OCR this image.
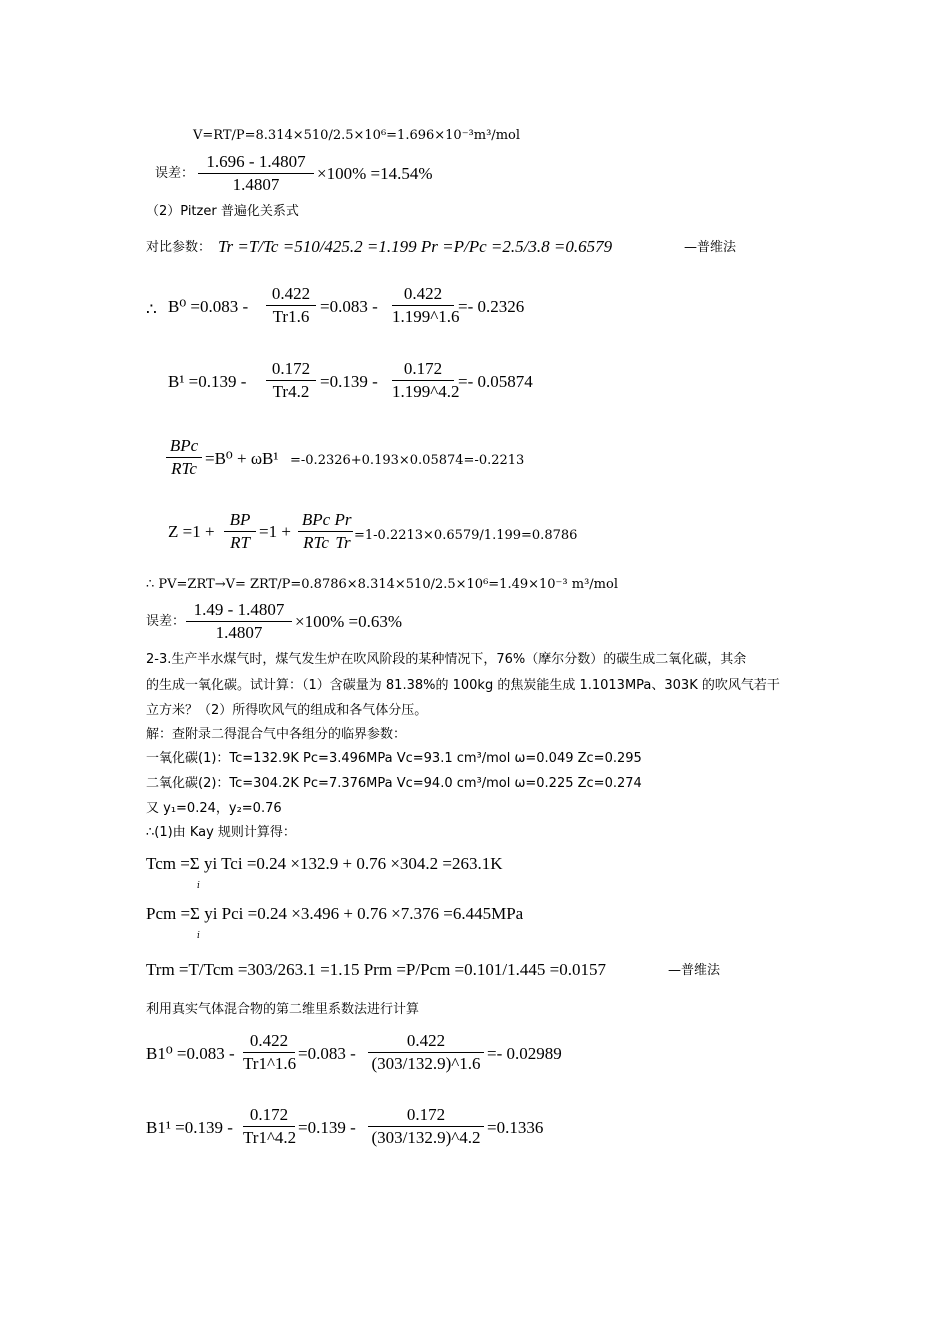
V=RT/P=8.314×510/2.5×10⁶=1.696×10⁻³m³/mol
误差：
1.696 - 1.4807
1.4807
×100% =14.54%
（2）Pitzer 普遍化关系式
对比参数： Tr =T/Tc =510/425.2 =1.199 Pr =P/Pc =2.5/3.8 =0.6579	—普维法
∴ B⁰ =0.083 -
0.422
Tr1.6
=0.083 -
0.422
1.199^1.6
=- 0.2326
B¹ =0.139 -
0.172
Tr4.2
=0.139 -
0.172
1.199^4.2
=- 0.05874
BPc
RTc
=B⁰ + ωB¹ =-0.2326+0.193×0.05874=-0.2213
Z =1 +
BP
RT
=1 +
BPc
RTc
Pr
Tr =1-0.2213×0.6579/1.199=0.8786
∴ PV=ZRT→V= ZRT/P=0.8786×8.314×510/2.5×10⁶=1.49×10⁻³ m³/mol
误差：
1.49 - 1.4807
1.4807
×100% =0.63%
2-3.生产半水煤气时，煤气发生炉在吹风阶段的某种情况下，76%（摩尔分数）的碳生成二氧化碳，其余
的生成一氧化碳。试计算：（1）含碳量为 81.38%的 100kg 的焦炭能生成 1.1013MPa、303K 的吹风气若干
立方米？（2）所得吹风气的组成和各气体分压。
解：查附录二得混合气中各组分的临界参数：
一氧化碳(1)：Tc=132.9K Pc=3.496MPa Vc=93.1 cm³/mol ω=0.049 Zc=0.295
二氧化碳(2)：Tc=304.2K Pc=7.376MPa Vc=94.0 cm³/mol ω=0.225 Zc=0.274
又 y₁=0.24，y₂=0.76
∴(1)由 Kay 规则计算得：
Tcm =Σ yi Tci =0.24 ×132.9 + 0.76 ×304.2 =263.1K
i
Pcm =Σ yi Pci =0.24 ×3.496 + 0.76 ×7.376 =6.445MPa
i
Trm =T/Tcm =303/263.1 =1.15 Prm =P/Pcm =0.101/1.445 =0.0157	—普维法
利用真实气体混合物的第二维里系数法进行计算
B1⁰ =0.083 -
0.422
Tr1^1.6
=0.083 -
0.422
(303/132.9)^1.6
=- 0.02989
B1¹ =0.139 -
0.172
Tr1^4.2
=0.139 -
0.172
(303/132.9)^4.2
=0.1336
